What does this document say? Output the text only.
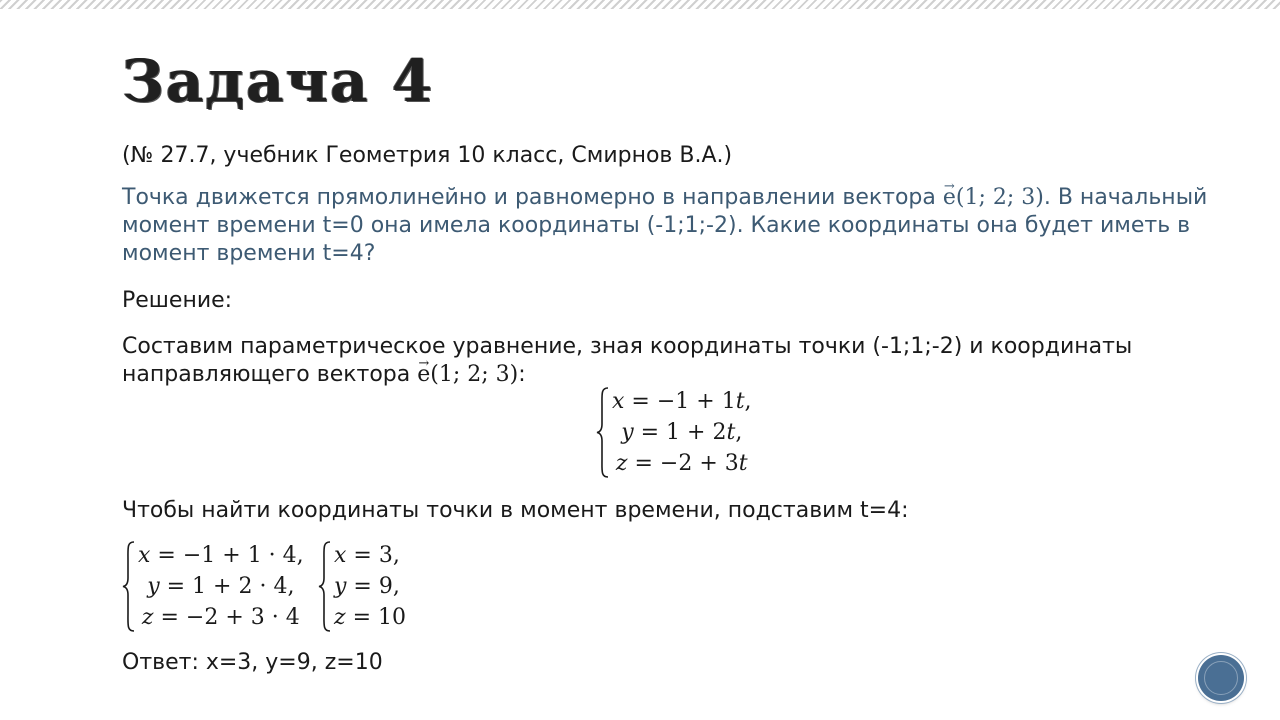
Задача 4
(№ 27.7, учебник Геометрия 10 класс, Смирнов В.А.)
Точка движется прямолинейно и равномерно в направлении вектора → e(1; 2; 3). В начальный момент времени t=0 она имела координаты (-1;1;-2). Какие координаты она будет иметь в момент времени t=4?
Решение:
Составим параметрическое уравнение, зная координаты точки (-1;1;-2) и координаты направляющего вектора → e(1; 2; 3):
x = −1 + 1t,
y = 1 + 2t,
z = −2 + 3t
Чтобы найти координаты точки в момент времени, подставим t=4:
x = −1 + 1 · 4,
y = 1 + 2 · 4,
z = −2 + 3 · 4
x = 3,
y = 9,
z = 10
Ответ: x=3, y=9, z=10
